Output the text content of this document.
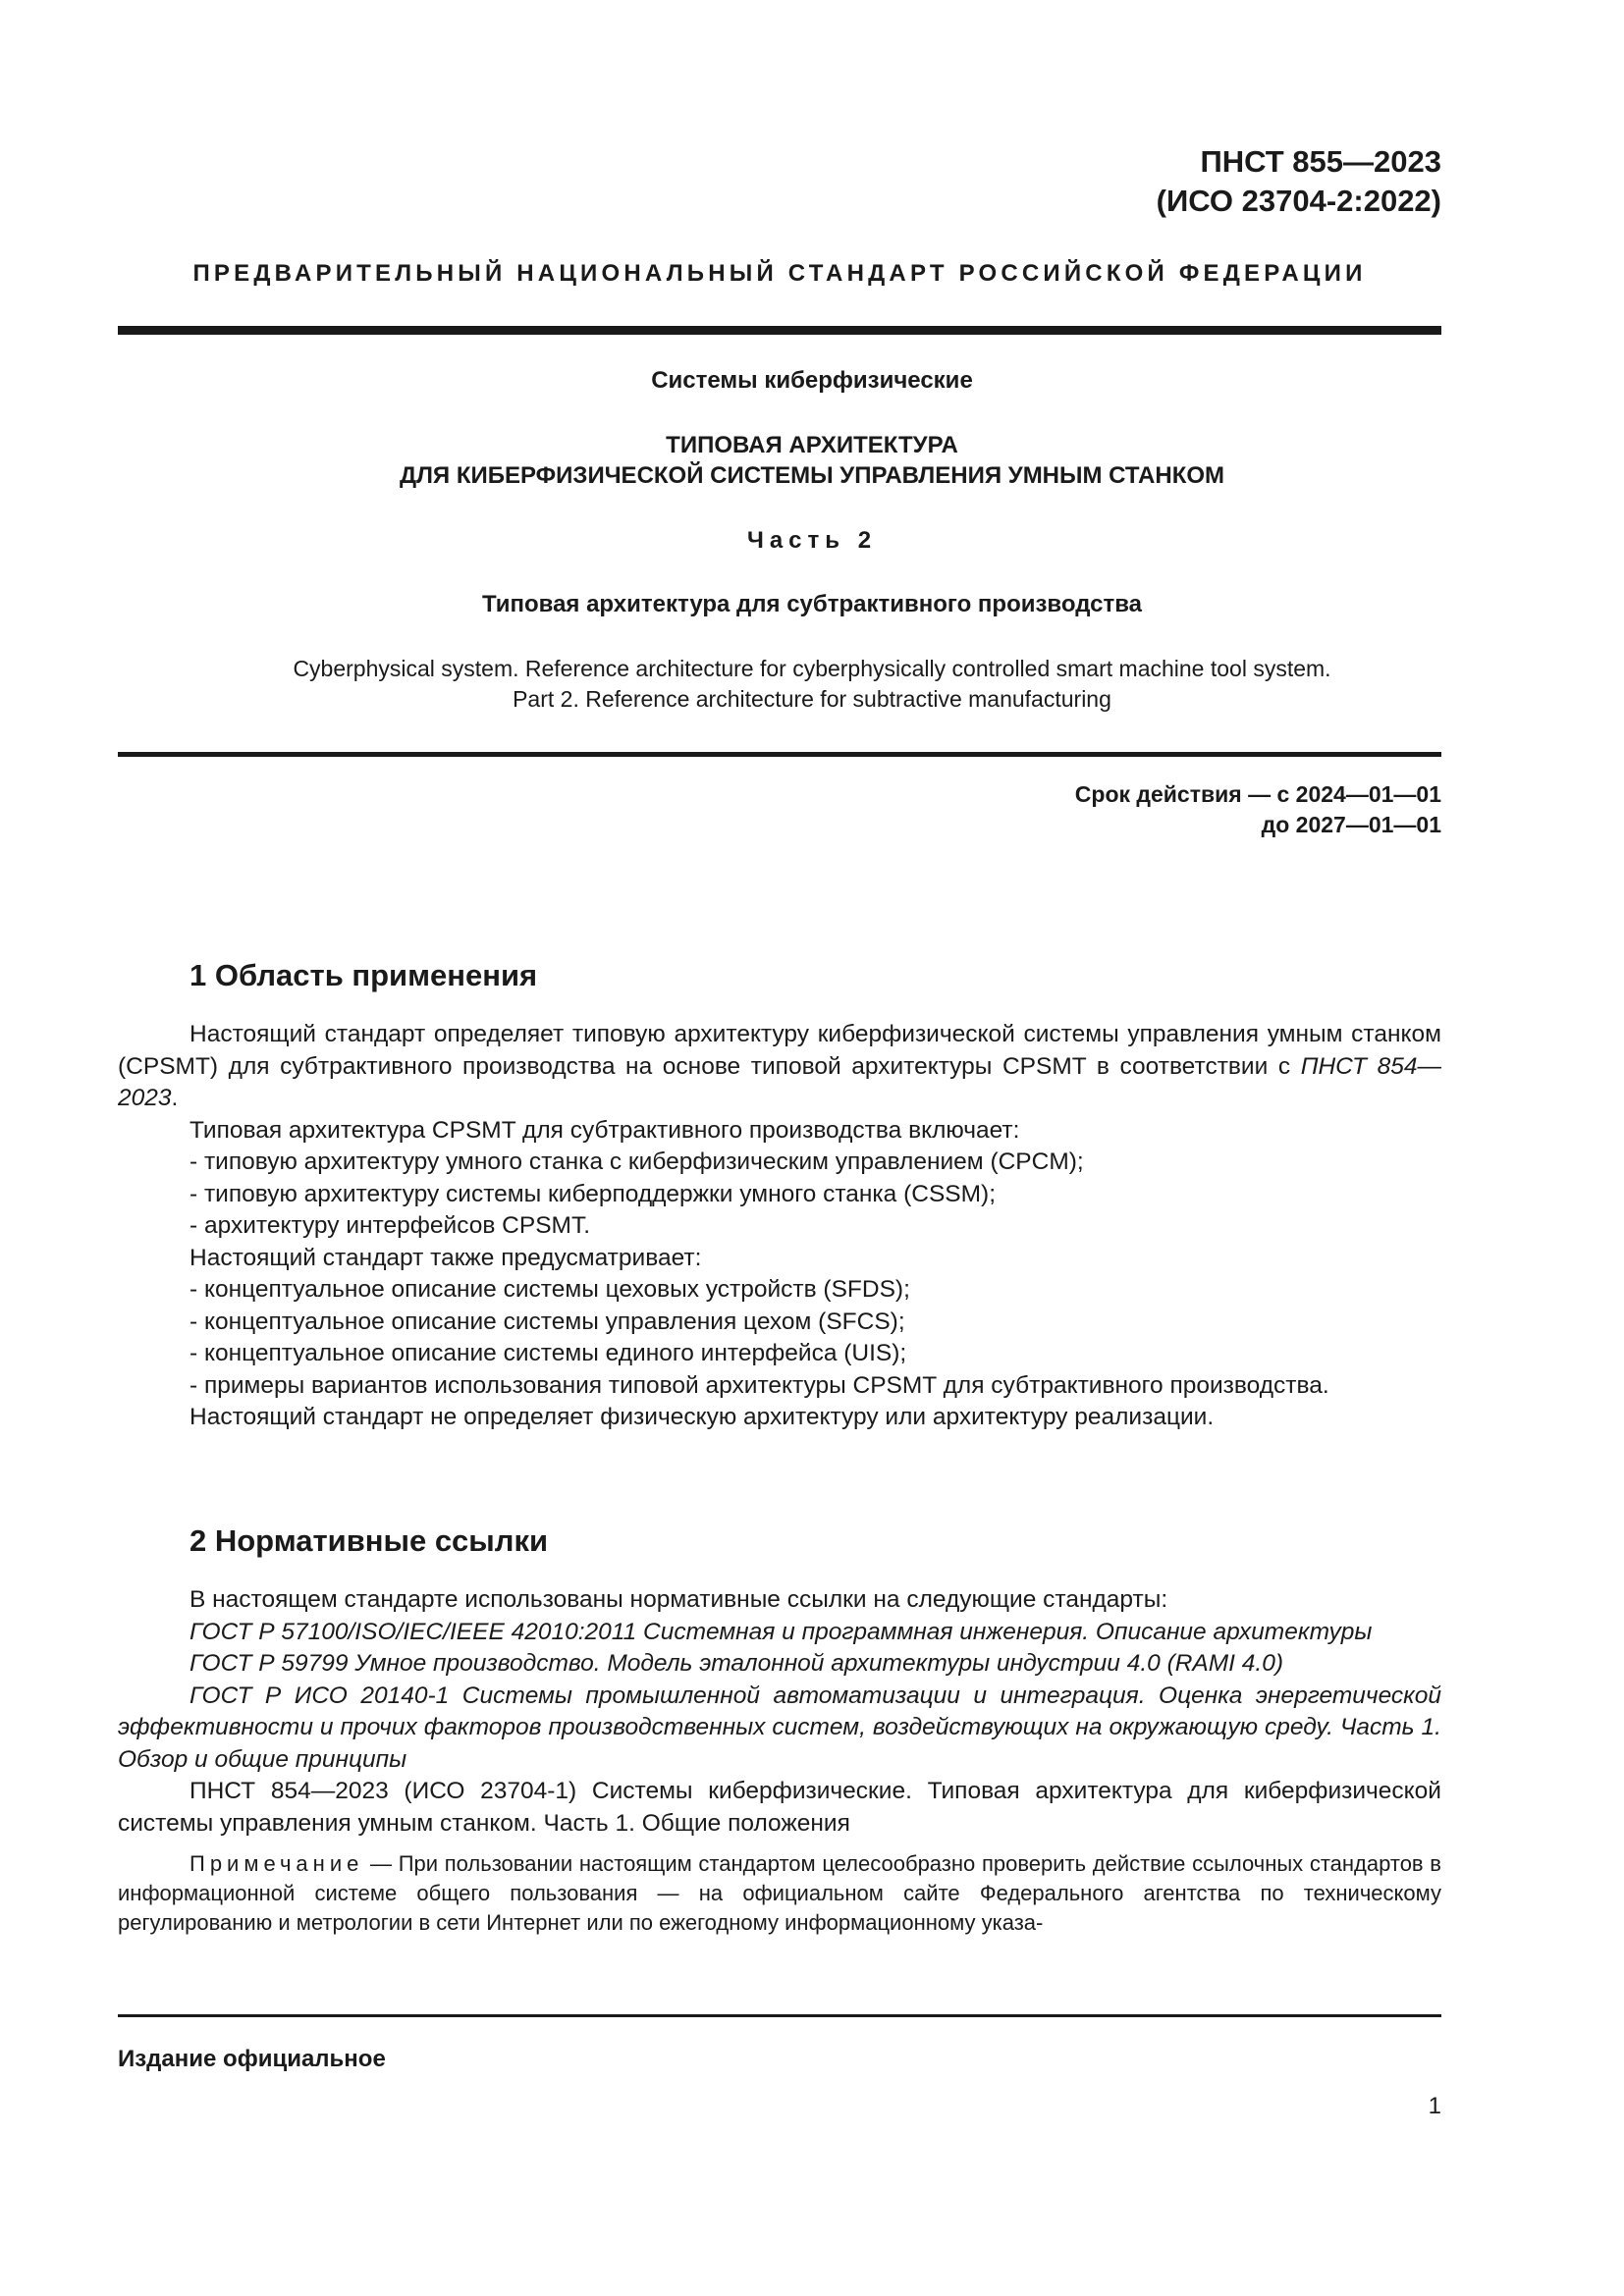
ПНСТ 855—2023
(ИСО 23704-2:2022)
ПРЕДВАРИТЕЛЬНЫЙ НАЦИОНАЛЬНЫЙ СТАНДАРТ РОССИЙСКОЙ ФЕДЕРАЦИИ
Системы киберфизические
ТИПОВАЯ АРХИТЕКТУРА
ДЛЯ КИБЕРФИЗИЧЕСКОЙ СИСТЕМЫ УПРАВЛЕНИЯ УМНЫМ СТАНКОМ
Часть 2
Типовая архитектура для субтрактивного производства
Cyberphysical system. Reference architecture for cyberphysically controlled smart machine tool system.
Part 2. Reference architecture for subtractive manufacturing
Срок действия — с 2024—01—01
до 2027—01—01
1 Область применения

Настоящий стандарт определяет типовую архитектуру киберфизической системы управления умным станком (CPSMT) для субтрактивного производства на основе типовой архитектуры CPSMT в соответствии с ПНСТ 854—2023.

Типовая архитектура CPSMT для субтрактивного производства включает:

- типовую архитектуру умного станка с киберфизическим управлением (CPCM);

- типовую архитектуру системы киберподдержки умного станка (CSSM);

- архитектуру интерфейсов CPSMT.

Настоящий стандарт также предусматривает:

- концептуальное описание системы цеховых устройств (SFDS);

- концептуальное описание системы управления цехом (SFCS);

- концептуальное описание системы единого интерфейса (UIS);

- примеры вариантов использования типовой архитектуры CPSMT для субтрактивного производства.

Настоящий стандарт не определяет физическую архитектуру или архитектуру реализации.

2 Нормативные ссылки

В настоящем стандарте использованы нормативные ссылки на следующие стандарты:

ГОСТ Р 57100/ISO/IEC/IEEE 42010:2011 Системная и программная инженерия. Описание архитектуры

ГОСТ Р 59799 Умное производство. Модель эталонной архитектуры индустрии 4.0 (RAMI 4.0)

ГОСТ Р ИСО 20140-1 Системы промышленной автоматизации и интеграция. Оценка энергетической эффективности и прочих факторов производственных систем, воздействующих на окружающую среду. Часть 1. Обзор и общие принципы

ПНСТ 854—2023 (ИСО 23704-1) Системы киберфизические. Типовая архитектура для киберфизической системы управления умным станком. Часть 1. Общие положения

Примечание — При пользовании настоящим стандартом целесообразно проверить действие ссылочных стандартов в информационной системе общего пользования — на официальном сайте Федерального агентства по техническому регулированию и метрологии в сети Интернет или по ежегодному информационному указа-

Издание официальное
1
